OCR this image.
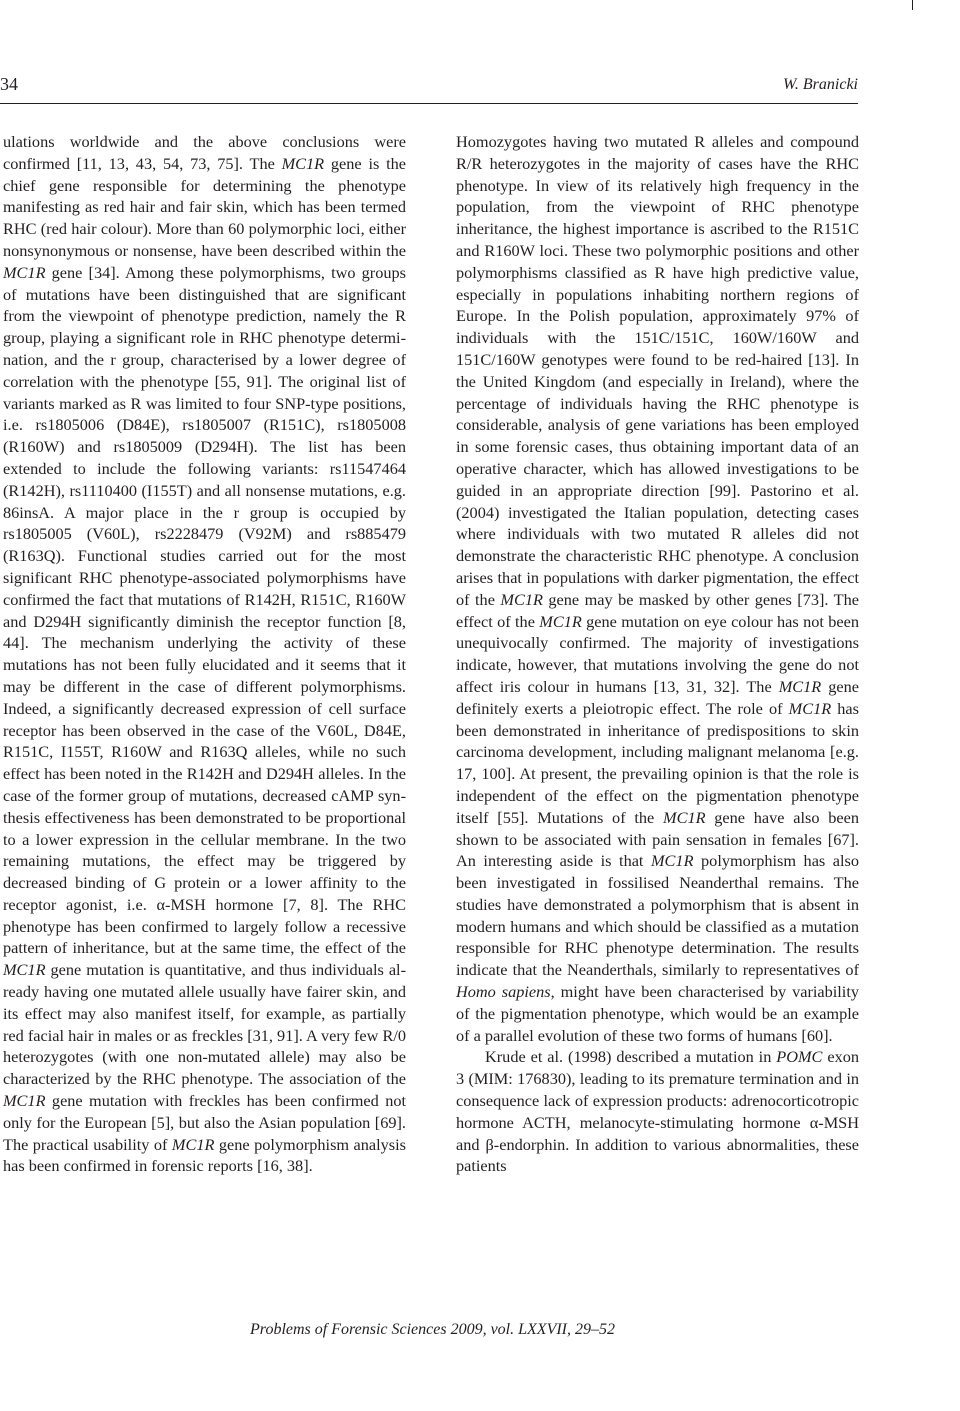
34	W. Branicki

ulations worldwide and the above conclusions were confirmed [11, 13, 43, 54, 73, 75]. The MC1R gene is the chief gene responsible for determining the phenotype manifesting as red hair and fair skin, which has been termed RHC (red hair colour). More than 60 polymorphic loci, either nonsynonymous or nonsense, have been described within the MC1R gene [34]. Among these polymorphisms, two groups of mutations have been distinguished that are significant from the viewpoint of phenotype prediction, namely the R group, playing a significant role in RHC phenotype determination, and the r group, characterised by a lower degree of correlation with the phenotype [55, 91]. The original list of variants marked as R was limited to four SNP-type positions, i.e. rs1805006 (D84E), rs1805007 (R151C), rs1805008 (R160W) and rs1805009 (D294H). The list has been extended to include the following variants: rs11547464 (R142H), rs1110400 (I155T) and all nonsense mutations, e.g. 86insA. A major place in the r group is occupied by rs1805005 (V60L), rs2228479 (V92M) and rs885479 (R163Q). Functional studies carried out for the most significant RHC phenotype-associated polymorphisms have confirmed the fact that mutations of R142H, R151C, R160W and D294H significantly diminish the receptor function [8, 44]. The mechanism underlying the activity of these mutations has not been fully elucidated and it seems that it may be different in the case of different polymorphisms. Indeed, a significantly decreased expression of cell surface receptor has been observed in the case of the V60L, D84E, R151C, I155T, R160W and R163Q alleles, while no such effect has been noted in the R142H and D294H alleles. In the case of the former group of mutations, decreased cAMP synthesis effectiveness has been demonstrated to be proportional to a lower expression in the cellular membrane. In the two remaining mutations, the effect may be triggered by decreased binding of G protein or a lower affinity to the receptor agonist, i.e. α-MSH hormone [7, 8]. The RHC phenotype has been confirmed to largely follow a recessive pattern of inheritance, but at the same time, the effect of the MC1R gene mutation is quantitative, and thus individuals already having one mutated allele usually have fairer skin, and its effect may also manifest itself, for example, as partially red facial hair in males or as freckles [31, 91]. A very few R/0 heterozygotes (with one non-mutated allele) may also be characterized by the RHC phenotype. The association of the MC1R gene mutation with freckles has been confirmed not only for the European [5], but also the Asian population [69]. The practical usability of MC1R gene polymorphism analysis has been confirmed in forensic reports [16, 38].

Homozygotes having two mutated R alleles and compound R/R heterozygotes in the majority of cases have the RHC phenotype. In view of its relatively high frequency in the population, from the viewpoint of RHC phenotype inheritance, the highest importance is ascribed to the R151C and R160W loci. These two polymorphic positions and other polymorphisms classified as R have high predictive value, especially in populations inhabiting northern regions of Europe. In the Polish population, approximately 97% of individuals with the 151C/151C, 160W/160W and 151C/160W genotypes were found to be red-haired [13]. In the United Kingdom (and especially in Ireland), where the percentage of individuals having the RHC phenotype is considerable, analysis of gene variations has been employed in some forensic cases, thus obtaining important data of an operative character, which has allowed investigations to be guided in an appropriate direction [99]. Pastorino et al. (2004) investigated the Italian population, detecting cases where individuals with two mutated R alleles did not demonstrate the characteristic RHC phenotype. A conclusion arises that in populations with darker pigmentation, the effect of the MC1R gene may be masked by other genes [73]. The effect of the MC1R gene mutation on eye colour has not been unequivocally confirmed. The majority of investigations indicate, however, that mutations involving the gene do not affect iris colour in humans [13, 31, 32]. The MC1R gene definitely exerts a pleiotropic effect. The role of MC1R has been demonstrated in inheritance of predispositions to skin carcinoma development, including malignant melanoma [e.g. 17, 100]. At present, the prevailing opinion is that the role is independent of the effect on the pigmentation phenotype itself [55]. Mutations of the MC1R gene have also been shown to be associated with pain sensation in females [67]. An interesting aside is that MC1R polymorphism has also been investigated in fossilised Neanderthal remains. The studies have demonstrated a polymorphism that is absent in modern humans and which should be classified as a mutation responsible for RHC phenotype determination. The results indicate that the Neanderthals, similarly to representatives of Homo sapiens, might have been characterised by variability of the pigmentation phenotype, which would be an example of a parallel evolution of these two forms of humans [60].

Krude et al. (1998) described a mutation in POMC exon 3 (MIM: 176830), leading to its premature termination and in consequence lack of expression products: adrenocorticotropic hormone ACTH, melanocyte-stimulating hormone α-MSH and β-endorphin. In addition to various abnormalities, these patients

Problems of Forensic Sciences 2009, vol. LXXVII, 29–52
